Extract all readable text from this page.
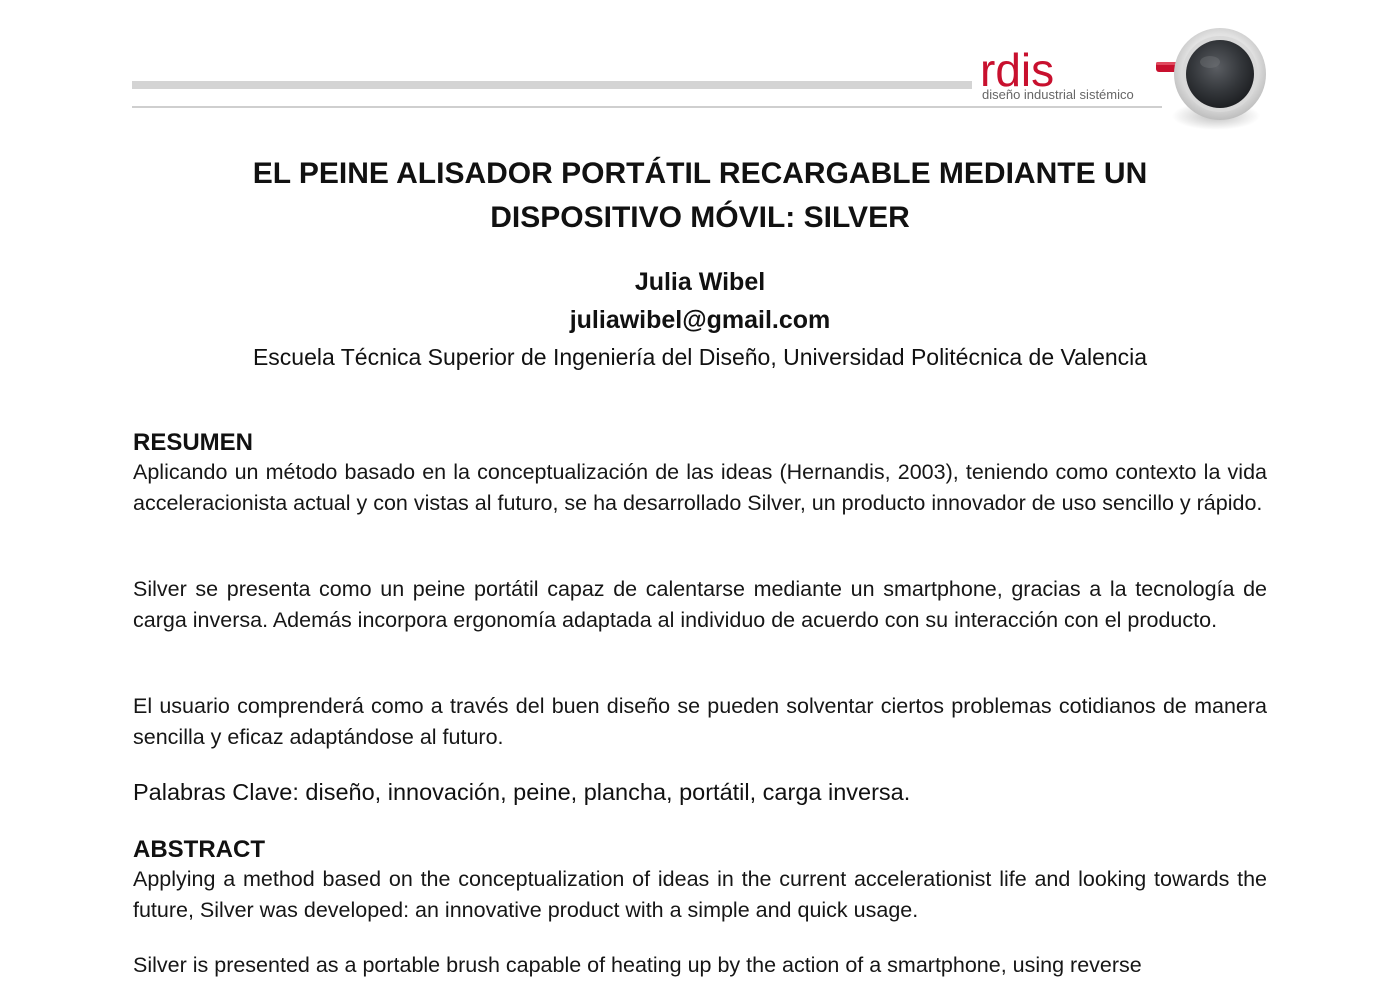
rdis
diseño industrial sistémico
EL PEINE ALISADOR PORTÁTIL RECARGABLE MEDIANTE UN
DISPOSITIVO MÓVIL: SILVER
Julia Wibel
juliawibel@gmail.com
Escuela Técnica Superior de Ingeniería del Diseño, Universidad Politécnica de Valencia
RESUMEN

Aplicando un método basado en la conceptualización de las ideas (Hernandis, 2003), teniendo como contexto la vida acceleracionista actual y con vistas al futuro, se ha desarrollado Silver, un producto innovador de uso sencillo y rápido.

Silver se presenta como un peine portátil capaz de calentarse mediante un smartphone, gracias a la tecnología de carga inversa. Además incorpora ergonomía adaptada al individuo de acuerdo con su interacción con el producto.

El usuario comprenderá como a través del buen diseño se pueden solventar ciertos problemas cotidianos de manera sencilla y eficaz adaptándose al futuro.

Palabras Clave: diseño, innovación, peine, plancha, portátil, carga inversa.
ABSTRACT

Applying a method based on the conceptualization of ideas in the current accelerationist life and looking towards the future, Silver was developed: an innovative product with a simple and quick usage.

Silver is presented as a portable brush capable of heating up by the action of a smartphone, using reverse
